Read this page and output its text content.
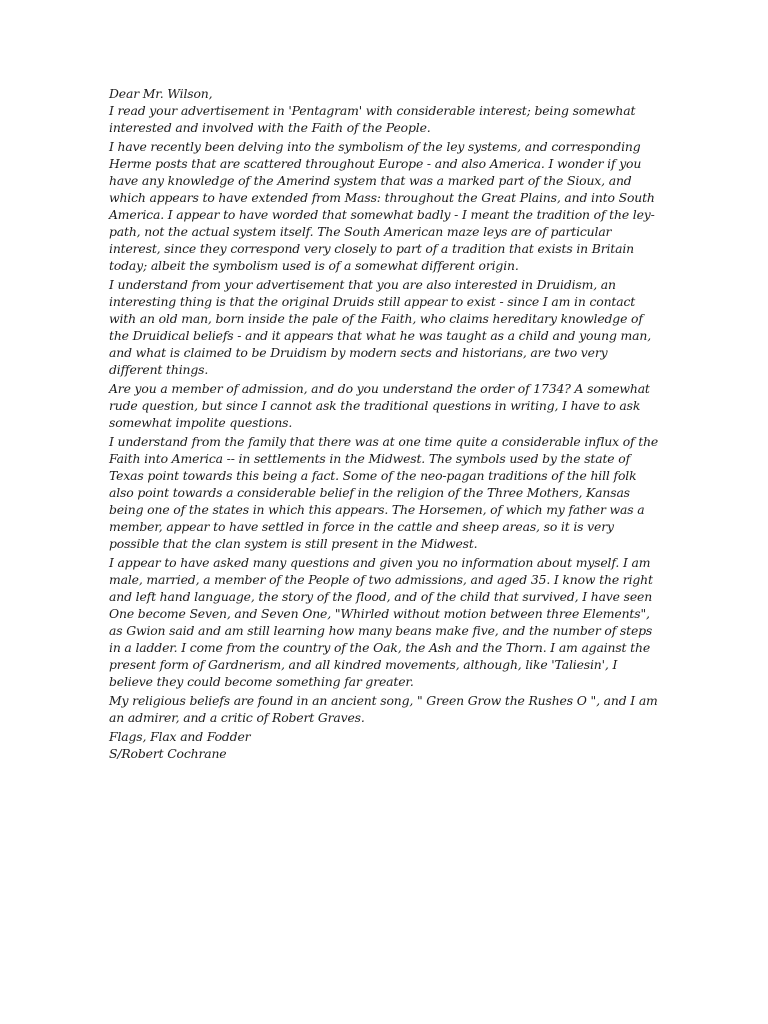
Dear Mr. Wilson,

I read your advertisement in 'Pentagram' with considerable interest; being somewhat interested and involved with the Faith of the People.

I have recently been delving into the symbolism of the ley systems, and corresponding Herme posts that are scattered throughout Europe - and also America. I wonder if you have any knowledge of the Amerind system that was a marked part of the Sioux, and which appears to have extended from Mass: throughout the Great Plains, and into South America. I appear to have worded that somewhat badly - I meant the tradition of the ley-path, not the actual system itself. The South American maze leys are of particular interest, since they correspond very closely to part of a tradition that exists in Britain today; albeit the symbolism used is of a somewhat different origin.

I understand from your advertisement that you are also interested in Druidism, an interesting thing is that the original Druids still appear to exist - since I am in contact with an old man, born inside the pale of the Faith, who claims hereditary knowledge of the Druidical beliefs - and it appears that what he was taught as a child and young man, and what is claimed to be Druidism by modern sects and historians, are two very different things.

Are you a member of admission, and do you understand the order of 1734? A somewhat rude question, but since I cannot ask the traditional questions in writing, I have to ask somewhat impolite questions.

I understand from the family that there was at one time quite a considerable influx of the Faith into America -- in settlements in the Midwest. The symbols used by the state of Texas point towards this being a fact. Some of the neo-pagan traditions of the hill folk also point towards a considerable belief in the religion of the Three Mothers, Kansas being one of the states in which this appears. The Horsemen, of which my father was a member, appear to have settled in force in the cattle and sheep areas, so it is very possible that the clan system is still present in the Midwest.

I appear to have asked many questions and given you no information about myself. I am male, married, a member of the People of two admissions, and aged 35. I know the right and left hand language, the story of the flood, and of the child that survived, I have seen One become Seven, and Seven One, "Whirled without motion between three Elements", as Gwion said and am still learning how many beans make five, and the number of steps in a ladder. I come from the country of the Oak, the Ash and the Thorn. I am against the present form of Gardnerism, and all kindred movements, although, like 'Taliesin', I believe they could become something far greater.

My religious beliefs are found in an ancient song, " Green Grow the Rushes O ", and I am an admirer, and a critic of Robert Graves.

Flags, Flax and Fodder

S/Robert Cochrane
